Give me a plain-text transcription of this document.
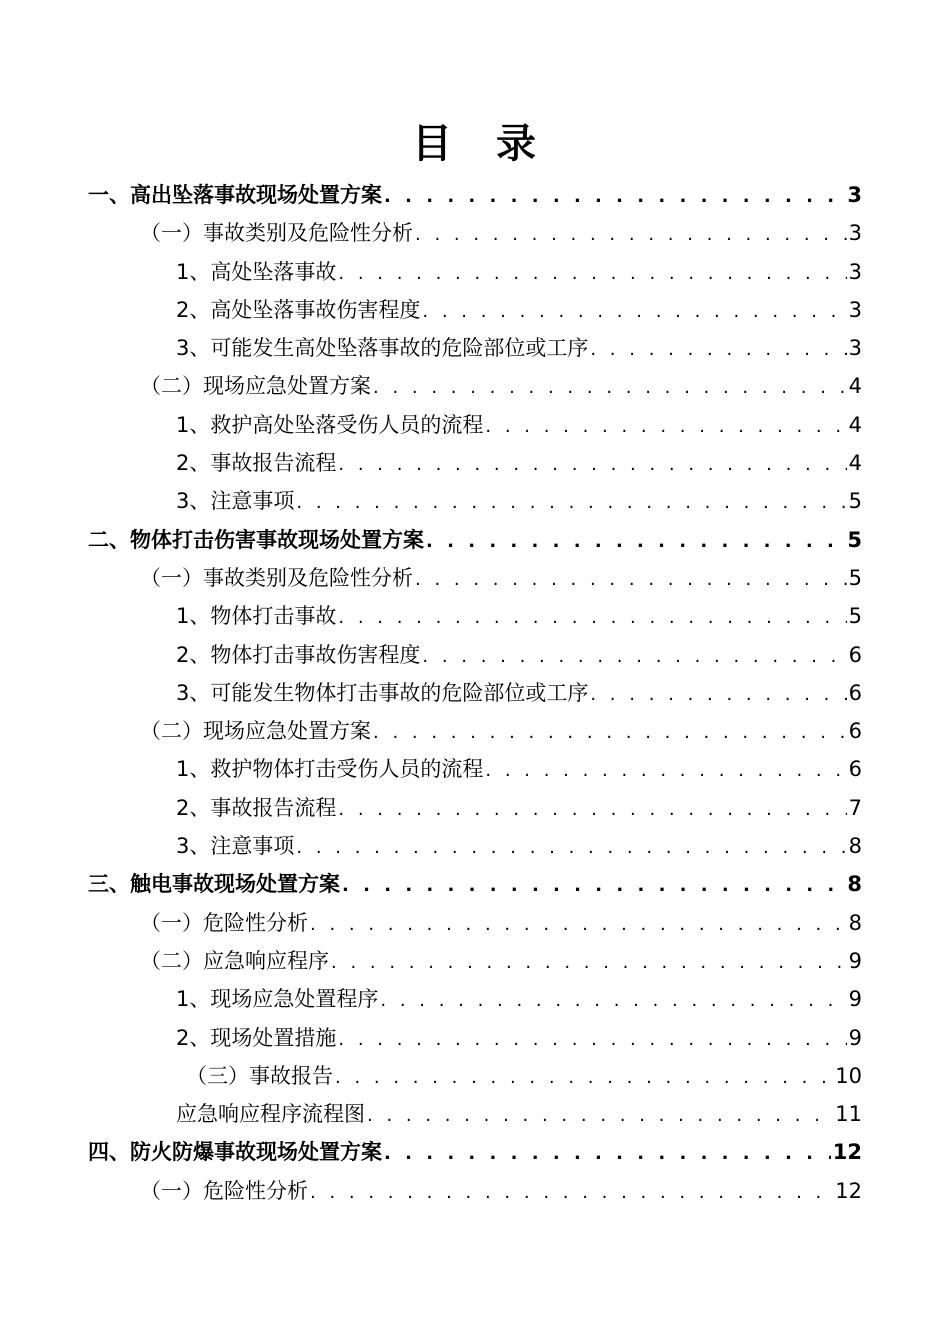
目　录
一、高出坠落事故现场处置方案 . . .	3
（一）事故类别及危险性分析 . . .	3
1、高处坠落事故 . . .	3
2、高处坠落事故伤害程度 . . .	3
3、可能发生高处坠落事故的危险部位或工序 . . .	3
（二）现场应急处置方案 . . .	4
1、救护高处坠落受伤人员的流程 . . .	4
2、事故报告流程 . . .	4
3、注意事项 . . .	5
二、物体打击伤害事故现场处置方案 . . .	5
（一）事故类别及危险性分析 . . .	5
1、物体打击事故 . . .	5
2、物体打击事故伤害程度 . . .	6
3、可能发生物体打击事故的危险部位或工序 . . .	6
（二）现场应急处置方案 . . .	6
1、救护物体打击受伤人员的流程 . . .	6
2、事故报告流程 . . .	7
3、注意事项 . . .	8
三、触电事故现场处置方案 . . .	8
（一）危险性分析 . . .	8
（二）应急响应程序 . . .	9
1、现场应急处置程序 . . .	9
2、现场处置措施 . . .	9
（三）事故报告 . . .	10
应急响应程序流程图 . . .	11
四、防火防爆事故现场处置方案 . . .	12
（一）危险性分析 . . .	12
